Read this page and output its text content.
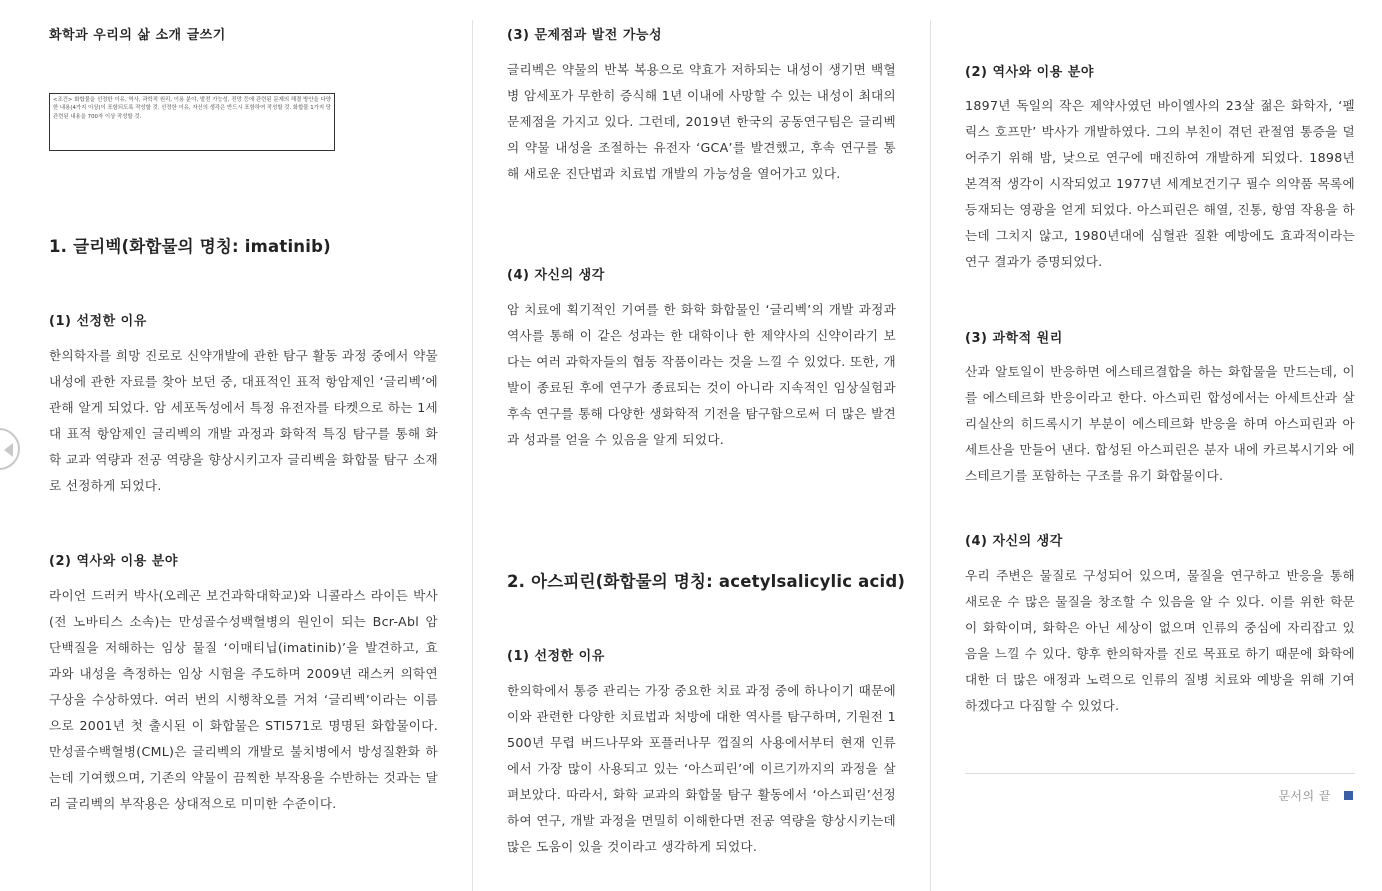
화학과 우리의 삶 소개 글쓰기
<조건> 화합물을 선정한 이유, 역사, 과학적 원리, 이용 분야, 발전 가능성, 전망 등에 관련된 문제의 해결 방안을 다양한 내용(4가지 이상)이 포함되도록 작성할 것. 선정한 이유, 자신의 생각은 반드시 포함하여 작성할 것. 화합물 1가지 당 관련된 내용을 700자 이상 작성할 것.
1. 글리벡(화합물의 명칭: imatinib)
(1) 선정한 이유
한의학자를 희망 진로로 신약개발에 관한 탐구 활동 과정 중에서 약물 내성에 관한 자료를 찾아 보던 중, 대표적인 표적 항암제인 ‘글리벡’에 관해 알게 되었다. 암 세포독성에서 특정 유전자를 타켓으로 하는 1세대 표적 항암제인 글리벡의 개발 과정과 화학적 특징 탐구를 통해 화학 교과 역량과 전공 역량을 향상시키고자 글리벡을 화합물 탐구 소재로 선정하게 되었다.
(2) 역사와 이용 분야
라이언 드러커 박사(오레곤 보건과학대학교)와 니콜라스 라이든 박사(전 노바티스 소속)는 만성골수성백혈병의 원인이 되는 Bcr-Abl 암 단백질을 저해하는 임상 물질 ‘이매티닙(imatinib)’을 발견하고, 효과와 내성을 측정하는 임상 시험을 주도하며 2009년 래스커 의학연구상을 수상하였다. 여러 번의 시행착오를 거쳐 ‘글리벡’이라는 이름으로 2001년 첫 출시된 이 화합물은 STI571로 명명된 화합물이다. 만성골수백혈병(CML)은 글리벡의 개발로 불치병에서 방성질환화 하는데 기여했으며, 기존의 약물이 끔찍한 부작용을 수반하는 것과는 달리 글리벡의 부작용은 상대적으로 미미한 수준이다.
(3) 문제점과 발전 가능성
글리벡은 약물의 반복 복용으로 약효가 저하되는 내성이 생기면 백혈병 암세포가 무한히 증식해 1년 이내에 사망할 수 있는 내성이 최대의 문제점을 가지고 있다. 그런데, 2019년 한국의 공동연구팀은 글리벡의 약물 내성을 조절하는 유전자 ‘GCA’를 발견했고, 후속 연구를 통해 새로운 진단법과 치료법 개발의 가능성을 열어가고 있다.
(4) 자신의 생각
암 치료에 획기적인 기여를 한 화학 화합물인 ‘글리벡’의 개발 과정과 역사를 통해 이 같은 성과는 한 대학이나 한 제약사의 신약이라기 보다는 여러 과학자들의 협동 작품이라는 것을 느낄 수 있었다. 또한, 개발이 종료된 후에 연구가 종료되는 것이 아니라 지속적인 임상실험과 후속 연구를 통해 다양한 생화학적 기전을 탐구함으로써 더 많은 발견과 성과를 얻을 수 있음을 알게 되었다.
2. 아스피린(화합물의 명칭: acetylsalicylic acid)
(1) 선정한 이유
한의학에서 통증 관리는 가장 중요한 치료 과정 중에 하나이기 때문에 이와 관련한 다양한 치료법과 처방에 대한 역사를 탐구하며, 기원전 1500년 무렵 버드나무와 포플러나무 껍질의 사용에서부터 현재 인류에서 가장 많이 사용되고 있는 ‘아스피린’에 이르기까지의 과정을 살펴보았다. 따라서, 화학 교과의 화합물 탐구 활동에서 ‘아스피린’선정하여 연구, 개발 과정을 면밀히 이해한다면 전공 역량을 향상시키는데 많은 도움이 있을 것이라고 생각하게 되었다.
(2) 역사와 이용 분야
1897년 독일의 작은 제약사였던 바이엘사의 23살 젊은 화학자, ‘펠릭스 호프만’ 박사가 개발하였다. 그의 부친이 겪던 관절염 통증을 덜어주기 위해 밤, 낮으로 연구에 매진하여 개발하게 되었다. 1898년 본격적 생각이 시작되었고 1977년 세계보건기구 필수 의약품 목록에 등재되는 영광을 얻게 되었다. 아스피린은 해열, 진통, 항염 작용을 하는데 그치지 않고, 1980년대에 심혈관 질환 예방에도 효과적이라는 연구 결과가 증명되었다.
(3) 과학적 원리
산과 알토일이 반응하면 에스테르결합을 하는 화합물을 만드는데, 이를 에스테르화 반응이라고 한다. 아스피린 합성에서는 아세트산과 살리실산의 히드록시기 부분이 에스테르화 반응을 하며 아스피린과 아세트산을 만들어 낸다. 합성된 아스피린은 분자 내에 카르복시기와 에스테르기를 포함하는 구조를 유기 화합물이다.
(4) 자신의 생각
우리 주변은 물질로 구성되어 있으며, 물질을 연구하고 반응을 통해 새로운 수 많은 물질을 창조할 수 있음을 알 수 있다. 이를 위한 학문이 화학이며, 화학은 아닌 세상이 없으며 인류의 중심에 자리잡고 있음을 느낄 수 있다. 향후 한의학자를 진로 목표로 하기 때문에 화학에 대한 더 많은 애정과 노력으로 인류의 질병 치료와 예방을 위해 기여하겠다고 다짐할 수 있었다.
문서의 끝
